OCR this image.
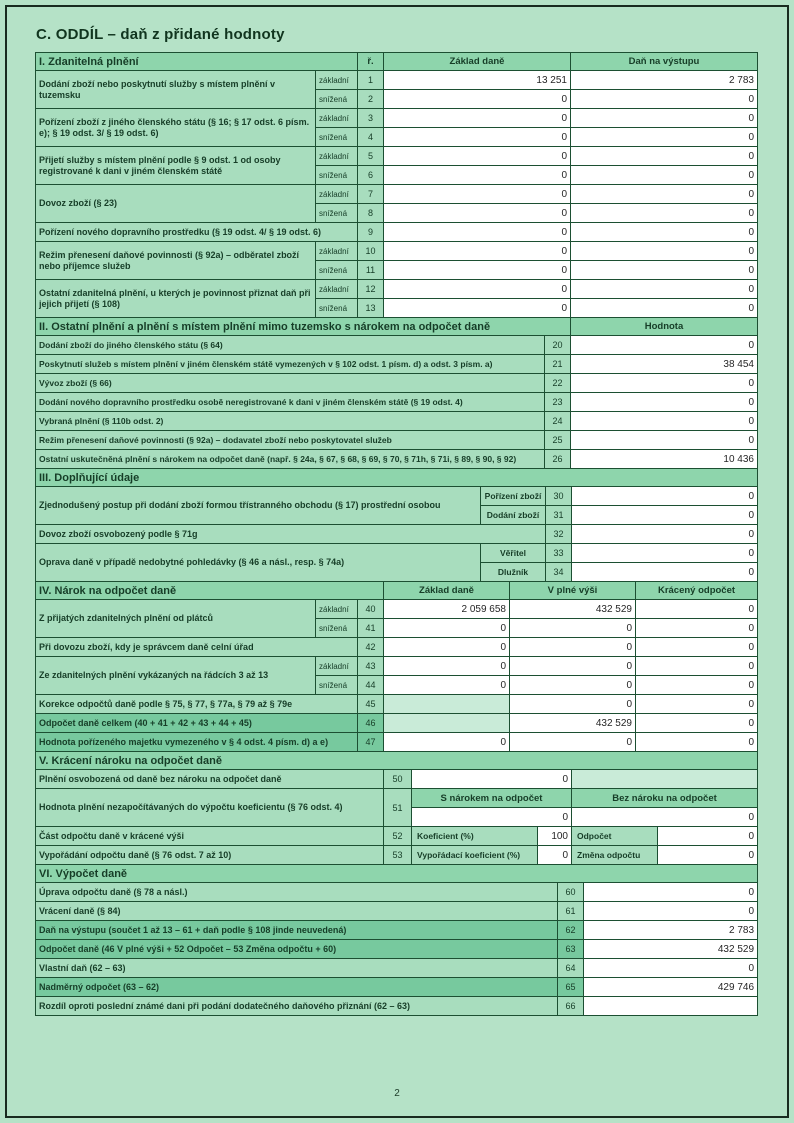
C. ODDÍL – daň z přidané hodnoty
I. Zdanitelná plnění		ř.	Základ daně	Daň na výstupu
Dodání zboží nebo poskytnutí služby s místem plnění v tuzemsku	základní	1	13 251	2 783
	snížená	2	0	0
Pořízení zboží z jiného členského státu (§ 16; § 17 odst. 6 písm. e); § 19 odst. 3/ § 19 odst. 6)	základní	3	0	0
	snížená	4	0	0
Přijetí služby s místem plnění podle § 9 odst. 1 od osoby registrované k dani v jiném členském státě	základní	5	0	0
	snížená	6	0	0
Dovoz zboží (§ 23)	základní	7	0	0
	snížená	8	0	0
Pořízení nového dopravního prostředku (§ 19 odst. 4/ § 19 odst. 6)		9	0	0
Režim přenesení daňové povinnosti (§ 92a) – odběratel zboží nebo příjemce služeb	základní	10	0	0
	snížená	11	0	0
Ostatní zdanitelná plnění, u kterých je povinnost přiznat daň při jejich přijetí (§ 108)	základní	12	0	0
	snížená	13	0	0
II. Ostatní plnění a plnění s místem plnění mimo tuzemsko s nárokem na odpočet daně		Hodnota
Dodání zboží do jiného členského státu (§ 64)	20	0
Poskytnutí služeb s místem plnění v jiném členském státě vymezených v § 102 odst. 1 písm. d) a odst. 3 písm. a)	21	38 454
Vývoz zboží (§ 66)	22	0
Dodání nového dopravního prostředku osobě neregistrované k dani v jiném členském státě (§ 19 odst. 4)	23	0
Vybraná plnění (§ 110b odst. 2)	24	0
Režim přenesení daňové povinnosti (§ 92a) – dodavatel zboží nebo poskytovatel služeb	25	0
Ostatní uskutečněná plnění s nárokem na odpočet daně (např. § 24a, § 67, § 68, § 69, § 70, § 71h, § 71i, § 89, § 90, § 92)	26	10 436
III. Doplňující údaje			
Zjednodušený postup při dodání zboží formou třístranného obchodu (§ 17) prostřední osobou	Pořízení zboží	30	0
	Dodání zboží	31	0
Dovoz zboží osvobozený podle § 71g		32	0
Oprava daně v případě nedobytné pohledávky (§ 46 a násl., resp. § 74a)	Věřitel	33	0
	Dlužník	34	0
IV. Nárok na odpočet daně			Základ daně	V plné výši	Krácený odpočet
Z přijatých zdanitelných plnění od plátců	základní	40	2 059 658	432 529	0
	snížená	41	0	0	0
Při dovozu zboží, kdy je správcem daně celní úřad		42	0	0	0
Ze zdanitelných plnění vykázaných na řádcích 3 až 13	základní	43	0	0	0
	snížená	44	0	0	0
Korekce odpočtů daně podle § 75, § 77, § 77a, § 79 až § 79e		45		0	0
Odpočet daně celkem (40 + 41 + 42 + 43 + 44 + 45)		46		432 529	0
Hodnota pořízeného majetku vymezeného v § 4 odst. 4 písm. d) a e)		47	0	0	0
V. Krácení nároku na odpočet daně					
Plnění osvobozená od daně bez nároku na odpočet daně	50	0			
Hodnota plnění nezapočítávaných do výpočtu koeficientu (§ 76 odst. 4)	51	S nárokem na odpočet		Bez nároku na odpočet	
		0		0	
Část odpočtu daně v krácené výši	52	Koeficient (%)	100	Odpočet	0
Vypořádání odpočtu daně (§ 76 odst. 7 až 10)	53	Vypořádací koeficient (%)	0	Změna odpočtu	0
VI. Výpočet daně		
Úprava odpočtu daně (§ 78 a násl.)	60	0
Vrácení daně (§ 84)	61	0
Daň na výstupu (součet 1 až 13 – 61 + daň podle § 108 jinde neuvedená)	62	2 783
Odpočet daně (46 V plné výši + 52 Odpočet – 53 Změna odpočtu + 60)	63	432 529
Vlastní daň (62 – 63)	64	0
Nadměrný odpočet (63 – 62)	65	429 746
Rozdíl oproti poslední známé dani při podání dodatečného daňového přiznání (62 – 63)	66	
2
